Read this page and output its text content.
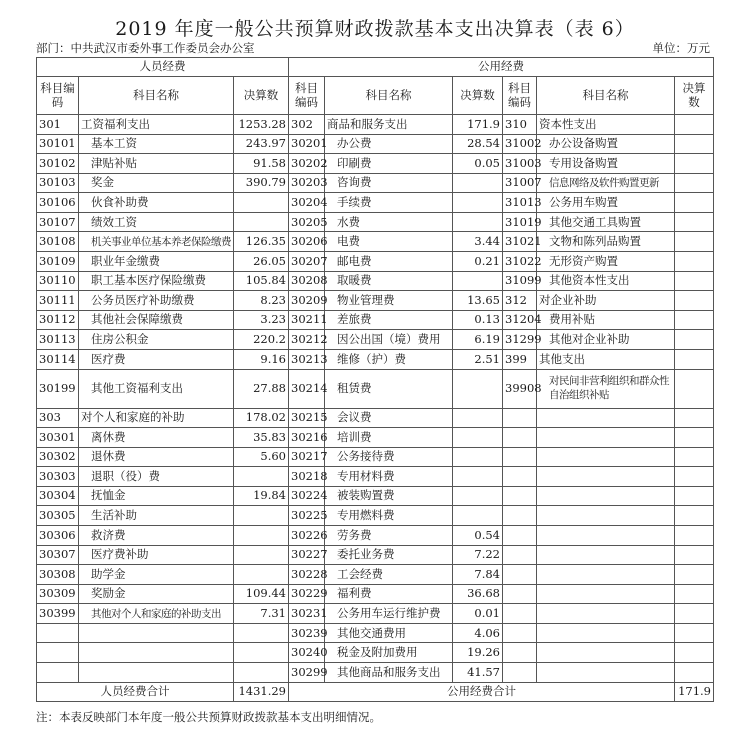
2019 年度一般公共预算财政拨款基本支出决算表（表 6）
部门：中共武汉市委外事工作委员会办公室	单位：万元
人员经费			公用经费					
科目编码	科目名称	决算数	科目编码	科目名称	决算数	科目编码	科目名称	决算数
301	工资福利支出	1253.28	302	商品和服务支出	171.9	310	资本性支出	
30101	基本工资	243.97	30201	办公费	28.54	31002	办公设备购置	
30102	津贴补贴	91.58	30202	印刷费	0.05	31003	专用设备购置	
30103	奖金	390.79	30203	咨询费		31007	信息网络及软件购置更新	
30106	伙食补助费		30204	手续费		31013	公务用车购置	
30107	绩效工资		30205	水费		31019	其他交通工具购置	
30108	机关事业单位基本养老保险缴费	126.35	30206	电费	3.44	31021	文物和陈列品购置	
30109	职业年金缴费	26.05	30207	邮电费	0.21	31022	无形资产购置	
30110	职工基本医疗保险缴费	105.84	30208	取暖费		31099	其他资本性支出	
30111	公务员医疗补助缴费	8.23	30209	物业管理费	13.65	312	对企业补助	
30112	其他社会保障缴费	3.23	30211	差旅费	0.13	31204	费用补贴	
30113	住房公积金	220.2	30212	因公出国（境）费用	6.19	31299	其他对企业补助	
30114	医疗费	9.16	30213	维修（护）费	2.51	399	其他支出	
30199	其他工资福利支出	27.88	30214	租赁费		39908	对民间非营利组织和群众性自治组织补贴	
303	对个人和家庭的补助	178.02	30215	会议费				
30301	离休费	35.83	30216	培训费				
30302	退休费	5.60	30217	公务接待费				
30303	退职（役）费		30218	专用材料费				
30304	抚恤金	19.84	30224	被装购置费				
30305	生活补助		30225	专用燃料费				
30306	救济费		30226	劳务费	0.54			
30307	医疗费补助		30227	委托业务费	7.22			
30308	助学金		30228	工会经费	7.84			
30309	奖励金	109.44	30229	福利费	36.68			
30399	其他对个人和家庭的补助支出	7.31	30231	公务用车运行维护费	0.01			
			30239	其他交通费用	4.06			
			30240	税金及附加费用	19.26			
			30299	其他商品和服务支出	41.57			
人员经费合计		1431.29	公用经费合计					171.9
注：本表反映部门本年度一般公共预算财政拨款基本支出明细情况。
